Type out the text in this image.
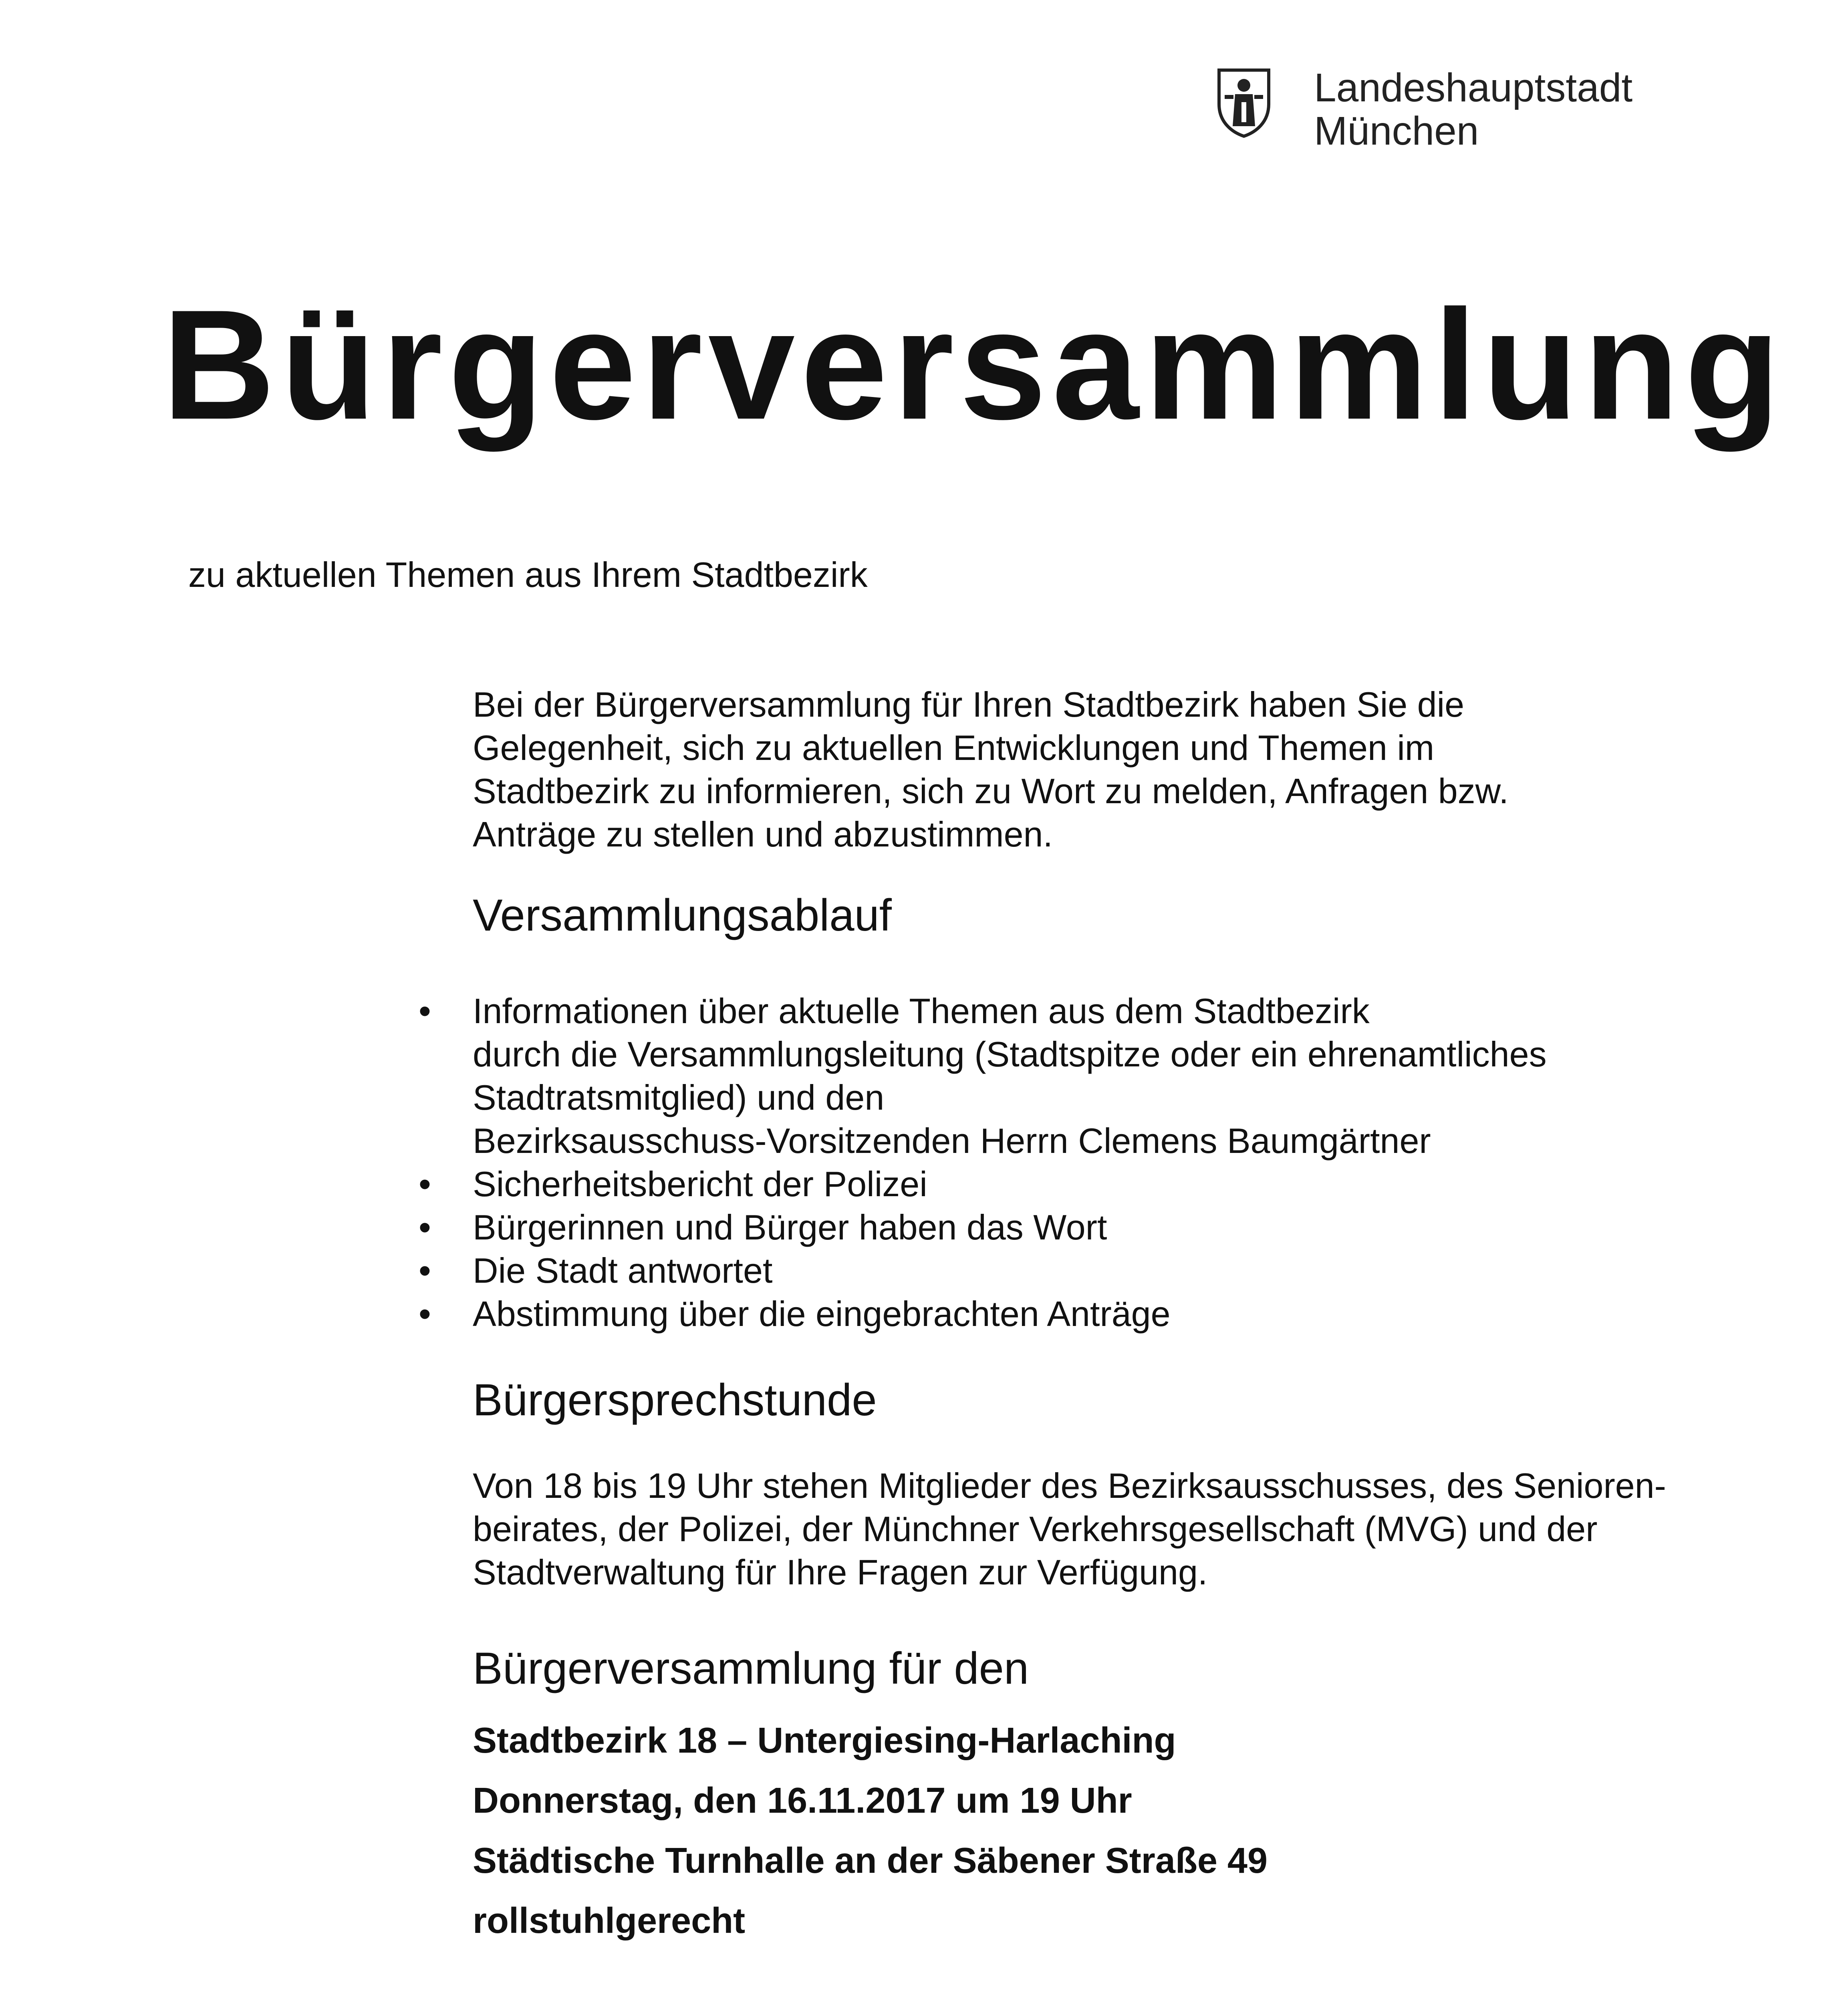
Landeshauptstadt
München
Bürgerversammlung
zu aktuellen Themen aus Ihrem Stadtbezirk
Bei der Bürgerversammlung für Ihren Stadtbezirk haben Sie die
Gelegenheit, sich zu aktuellen Entwicklungen und Themen im
Stadtbezirk zu informieren, sich zu Wort zu melden, Anfragen bzw.
Anträge zu stellen und abzustimmen.
Versammlungsablauf
• Informationen über aktuelle Themen aus dem Stadtbezirk
durch die Versammlungsleitung (Stadtspitze oder ein ehrenamtliches
Stadtratsmitglied) und den
Bezirksausschuss-Vorsitzenden Herrn Clemens Baumgärtner
• Sicherheitsbericht der Polizei
• Bürgerinnen und Bürger haben das Wort
• Die Stadt antwortet
• Abstimmung über die eingebrachten Anträge
Bürgersprechstunde
Von 18 bis 19 Uhr stehen Mitglieder des Bezirksausschusses, des Senioren-
beirates, der Polizei, der Münchner Verkehrsgesellschaft (MVG) und der
Stadtverwaltung für Ihre Fragen zur Verfügung.
Bürgerversammlung für den
Stadtbezirk 18 – Untergiesing-Harlaching
Donnerstag, den 16.11.2017 um 19 Uhr
Städtische Turnhalle an der Säbener Straße 49
rollstuhlgerecht
